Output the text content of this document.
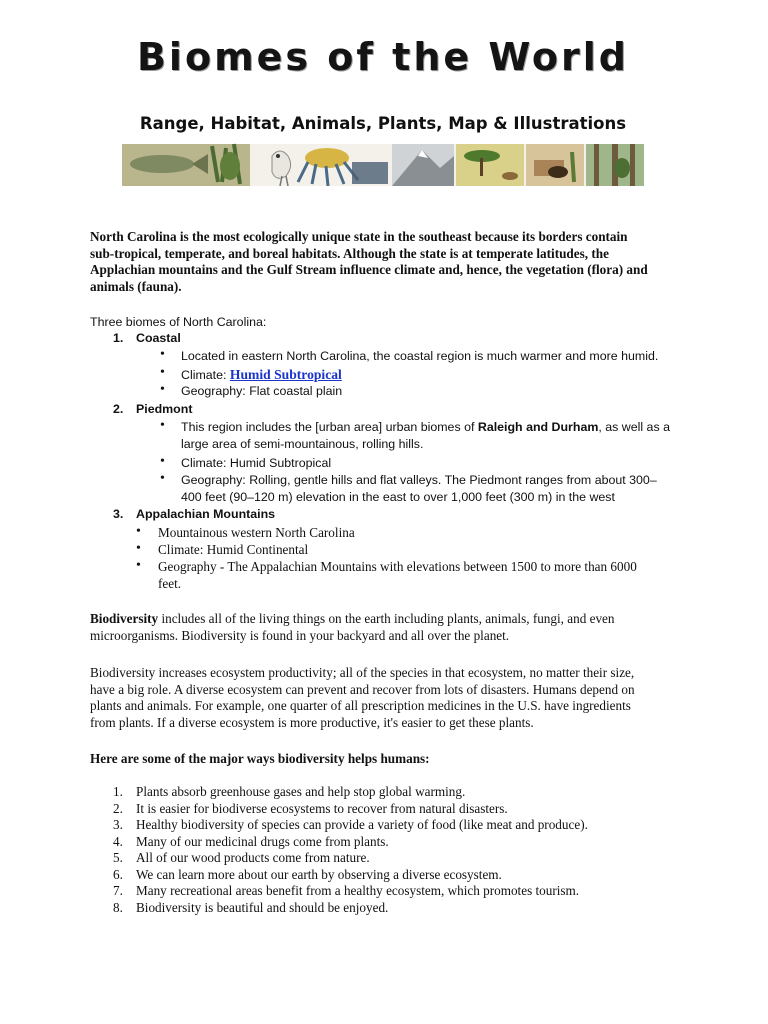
Biomes of the World
Range, Habitat, Animals, Plants, Map & Illustrations
North Carolina is the most ecologically unique state in the southeast because its borders contain
sub-tropical, temperate, and boreal habitats. Although the state is at temperate latitudes, the
Applachian mountains and the Gulf Stream influence climate and, hence, the vegetation (flora) and
animals (fauna).
Three biomes of North Carolina:
1. Coastal
• Located in eastern North Carolina, the coastal region is much warmer and more humid.
• Climate: Humid Subtropical
• Geography: Flat coastal plain
2. Piedmont
• This region includes the [urban area] urban biomes of Raleigh and Durham, as well as a
large area of semi-mountainous, rolling hills.
• Climate: Humid Subtropical
• Geography: Rolling, gentle hills and flat valleys. The Piedmont ranges from about 300–
400 feet (90–120 m) elevation in the east to over 1,000 feet (300 m) in the west
3. Appalachian Mountains
• Mountainous western North Carolina
• Climate: Humid Continental
• Geography - The Appalachian Mountains with elevations between 1500 to more than 6000
feet.
Biodiversity includes all of the living things on the earth including plants, animals, fungi, and even
microorganisms. Biodiversity is found in your backyard and all over the planet.
Biodiversity increases ecosystem productivity; all of the species in that ecosystem, no matter their size,
have a big role. A diverse ecosystem can prevent and recover from lots of disasters. Humans depend on
plants and animals. For example, one quarter of all prescription medicines in the U.S. have ingredients
from plants. If a diverse ecosystem is more productive, it's easier to get these plants.
Here are some of the major ways biodiversity helps humans:
1. Plants absorb greenhouse gases and help stop global warming.
2. It is easier for biodiverse ecosystems to recover from natural disasters.
3. Healthy biodiversity of species can provide a variety of food (like meat and produce).
4. Many of our medicinal drugs come from plants.
5. All of our wood products come from nature.
6. We can learn more about our earth by observing a diverse ecosystem.
7. Many recreational areas benefit from a healthy ecosystem, which promotes tourism.
8. Biodiversity is beautiful and should be enjoyed.
